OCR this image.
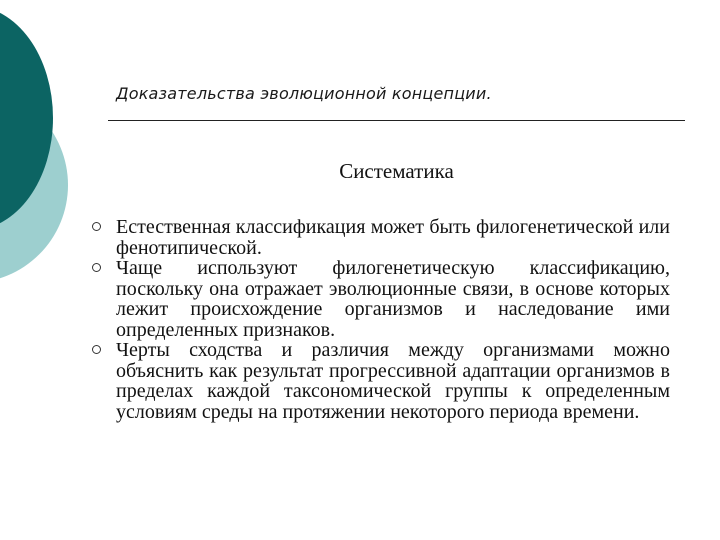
Доказательства эволюционной концепции.
Систематика
Естественная классификация может быть филогенетической или фенотипической.
Чаще используют филогенетическую классификацию, поскольку она отражает эволюционные связи, в основе которых лежит происхождение организмов и наследование ими определенных признаков.
Черты сходства и различия между организмами можно объяснить как результат прогрессивной адаптации организмов в пределах каждой таксономической группы к определенным условиям среды на протяжении некоторого периода времени.
